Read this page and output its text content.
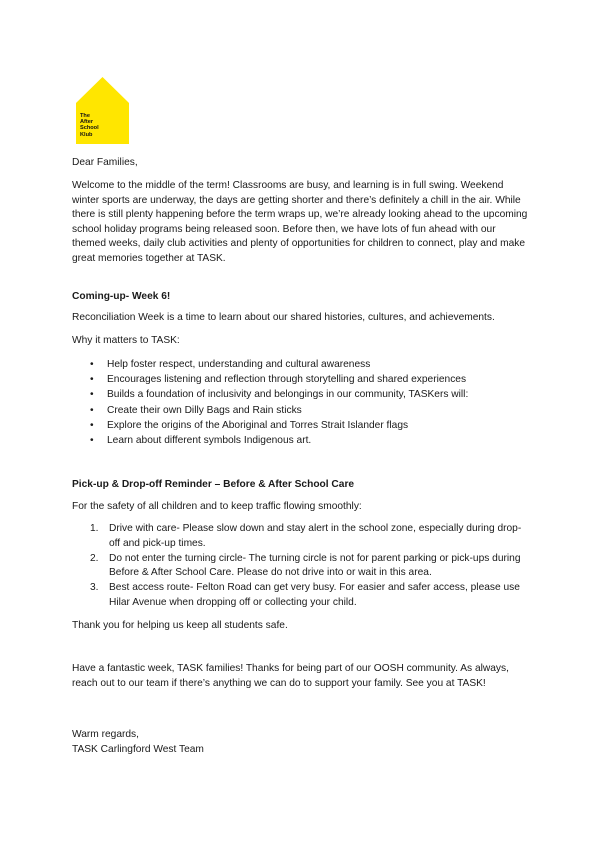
The
After
School
Klub

Dear Families,

Welcome to the middle of the term! Classrooms are busy, and learning is in full swing. Weekend winter sports are underway, the days are getting shorter and there’s definitely a chill in the air. While there is still plenty happening before the term wraps up, we’re already looking ahead to the upcoming school holiday programs being released soon. Before then, we have lots of fun ahead with our themed weeks, daily club activities and plenty of opportunities for children to connect, play and make great memories together at TASK.

Coming-up- Week 6!

Reconciliation Week is a time to learn about our shared histories, cultures, and achievements.

Why it matters to TASK:

• Help foster respect, understanding and cultural awareness
• Encourages listening and reflection through storytelling and shared experiences
• Builds a foundation of inclusivity and belongings in our community, TASKers will:
• Create their own Dilly Bags and Rain sticks
• Explore the origins of the Aboriginal and Torres Strait Islander flags
• Learn about different symbols Indigenous art.

Pick-up & Drop-off Reminder – Before & After School Care

For the safety of all children and to keep traffic flowing smoothly:

1. Drive with care- Please slow down and stay alert in the school zone, especially during drop-off and pick-up times.
2. Do not enter the turning circle- The turning circle is not for parent parking or pick-ups during Before & After School Care. Please do not drive into or wait in this area.
3. Best access route- Felton Road can get very busy. For easier and safer access, please use Hilar Avenue when dropping off or collecting your child.

Thank you for helping us keep all students safe.

Have a fantastic week, TASK families! Thanks for being part of our OOSH community. As always, reach out to our team if there’s anything we can do to support your family. See you at TASK!

Warm regards,

TASK Carlingford West Team
